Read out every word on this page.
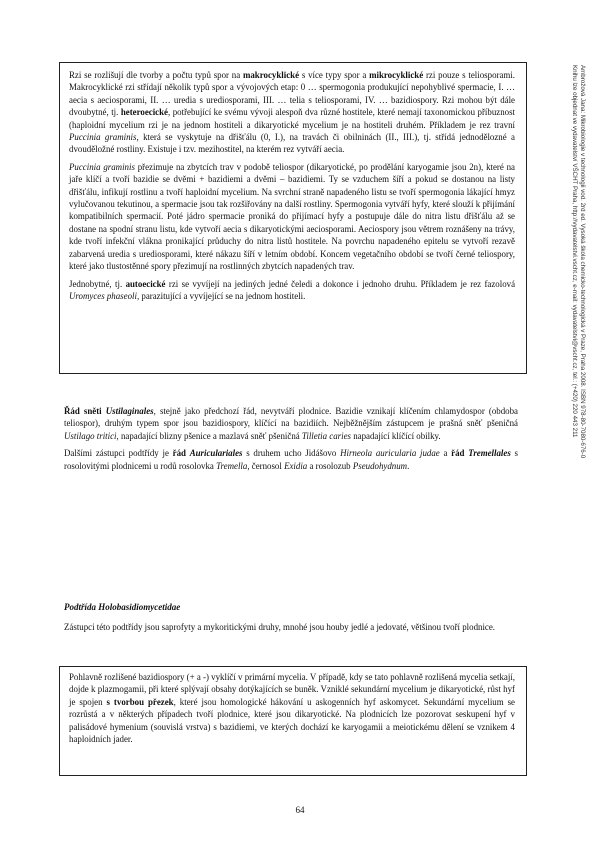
Rzi se rozlišují dle tvorby a počtu typů spor na makrocyklické s více typy spor a mikrocyklické rzi pouze s teliosporami. Makrocyklické rzi střídají několik typů spor a vývojových etap: 0 … spermogonia produkující nepohyblivé spermacie, I. … aecia s aeciosporami, II. … uredia s urediosporami, III. … telia s teliosporami, IV. … bazidiospory. Rzi mohou být dále dvoubytné, tj. heteroecické, potřebující ke svému vývoji alespoň dva různé hostitele, které nemají taxonomickou příbuznost (haploidní mycelium rzi je na jednom hostiteli a dikaryotické mycelium je na hostiteli druhém. Příkladem je rez travní Puccinia graminis, která se vyskytuje na dřišťálu (0, I.), na travách či obilninách (II., III.), tj. střídá jednodělozné a dvouděložné rostliny. Existuje i tzv. mezihostitel, na kterém rez vytváří aecia.

Puccinia graminis přezimuje na zbytcích trav v podobě teliospor (dikaryotické, po prodělání karyogamie jsou 2n), které na jaře klíčí a tvoří bazidie se dvěmi + bazidiemi a dvěmi – bazidiemi. Ty se vzduchem šíří a pokud se dostanou na listy dřišťálu, infikují rostlinu a tvoří haploidní mycelium. Na svrchní straně napadeného listu se tvoří spermogonia lákající hmyz vylučovanou tekutinou, a spermacie jsou tak rozšiřovány na další rostliny. Spermogonia vytváří hyfy, které slouží k přijímání kompatibilních spermacií. Poté jádro spermacie proniká do přijímací hyfy a postupuje dále do nitra listu dřišťálu až se dostane na spodní stranu listu, kde vytvoří aecia s dikaryotickými aeciosporami. Aeciospory jsou větrem roznášeny na trávy, kde tvoří infekční vlákna pronikající průduchy do nitra listů hostitele. Na povrchu napadeného epitelu se vytvoří rezavě zabarvená uredia s urediosporami, které nákazu šíří v letním období. Koncem vegetačního období se tvoří černé teliospory, které jako tlustostěnné spory přezimují na rostlinných zbytcích napadených trav.

Jednobytné, tj. autoecické rzi se vyvíjejí na jediných jedné čeledi a dokonce i jednoho druhu. Příkladem je rez fazolová Uromyces phaseoli, parazitující a vyvíjející se na jednom hostiteli.

Řád sněti Ustilaginales, stejně jako předchozí řád, nevytváří plodnice. Bazidie vznikají klíčením chlamydospor (obdoba teliospor), druhým typem spor jsou bazidiospory, klíčící na bazidiích. Nejběžnějším zástupcem je prašná sněť pšeničná Ustilago tritici, napadající blizny pšenice a mazlavá sněť pšeničná Tilletia caries napadající klíčící obilky.

Dalšími zástupci podtřídy je řád Auriculariales s druhem ucho Jidášovo Hirneola auricularia judae a řád Tremellales s rosolovitými plodnicemi u rodů rosolovka Tremella, černosol Exidia a rosolozub Pseudohydnum.

Podtřída Holobasidiomycetidae

Zástupci této podtřídy jsou saprofyty a mykoritickými druhy, mnohé jsou houby jedlé a jedovaté, většinou tvoří plodnice.

Pohlavně rozlišené bazidiospory (+ a -) vyklíčí v primární mycelia. V případě, kdy se tato pohlavně rozlišená mycelia setkají, dojde k plazmogamii, při které splývají obsahy dotýkajících se buněk. Vzniklé sekundární mycelium je dikaryotické, růst hyf je spojen s tvorbou přezek, které jsou homologické hákování u askogenních hyf askomycet. Sekundární mycelium se rozrůstá a v některých případech tvoří plodnice, které jsou dikaryotické. Na plodnicích lze pozorovat seskupení hyf v palisádové hymenium (souvislá vrstva) s bazidiemi, ve kterých dochází ke karyogamii a meiotickému dělení se vznikem 4 haploidních jader.

64
Ambrožová Jana: Mikrobiologie v technologii vod. 2rd ed. Vysoká škola chemicko-technologická v Praze, Praha 2008. ISBN 978-80-7080-676-0
Knihu lze objednat ve vydavatelství VŠCHT Praha, http://vydavatelstvi.vscht.cz, e-mail: vydavatelstvi@vscht.cz, tel.: (+420) 220 443 211
